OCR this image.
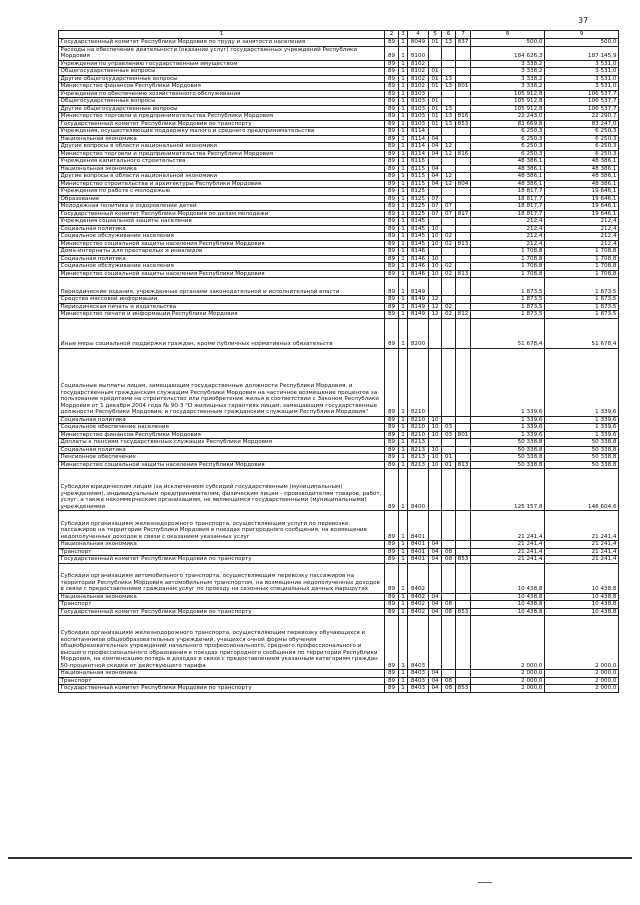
37
1	2	3	4	5	6	7	8	9
Государственный комитет Республики Мордовия по труду и занятости населения	89	1	8049	01	13	837	500,0	500,0
Расходы на обеспечение деятельности (оказание услуг) государственных учреждений Республики Мордовия	89	1	8100				184 626,3	187 145,9
Учреждения по управлению государственным имуществом	89	1	8102				3 338,2	3 531,0
Общегосударственные вопросы	89	1	8102	01			3 338,2	3 531,0
Другие общегосударственные вопросы	89	1	8102	01	13		3 338,2	3 531,0
Министерство финансов Республики Мордовия	89	1	8102	01	13	801	3 338,2	3 531,0
Учреждения по обеспечению хозяйственного обслуживания	89	1	8103				105 912,8	106 537,7
Общегосударственные вопросы	89	1	8103	01			105 912,8	106 537,7
Другие общегосударственные вопросы	89	1	8103	01	13		105 912,8	106 537,7
Министерство торговли и предпринимательства Республики Мордовия	89	1	8103	01	13	816	22 243,0	22 290,7
Государственный комитет Республики Мордовия по транспорту	89	1	8103	01	13	853	83 669,8	83 247,0
Учреждения, осуществляющие поддержку малого и среднего предпринимательства	89	1	8114				6 250,3	6 250,3
Национальная экономика	89	1	8114	04			6 250,3	6 250,3
Другие вопросы в области национальной экономики	89	1	8114	04	12		6 250,3	6 250,3
Министерство торговли и предпринимательства Республики Мордовия	89	1	8114	04	12	816	6 250,3	6 250,3
Учреждения капитального строительства	89	1	8115				48 386,1	48 386,1
Национальная экономика	89	1	8115	04			48 386,1	48 386,1
Другие вопросы в области национальной экономики	89	1	8115	04	12		48 386,1	48 386,1
Министерство строительства и архитектуры Республики Мордовия	89	1	8115	04	12	804	48 386,1	48 386,1
Учреждения по работе с молодежью	89	1	8125				18 817,7	19 646,1
Образование	89	1	8125	07			18 817,7	19 646,1
Молодежная политика и оздоровление детей	89	1	8125	07	07		18 817,7	19 646,1
Государственный комитет Республики Мордовия по делам молодежи	89	1	8125	07	07	817	18 817,7	19 646,1
Учреждения социальной защиты населения	89	1	8145				212,4	212,4
Социальная политика	89	1	8145	10			212,4	212,4
Социальное обслуживание населения	89	1	8145	10	02		212,4	212,4
Министерство социальной защиты населения Республики Мордовия	89	1	8145	10	02	813	212,4	212,4
Дома-интернаты для престарелых и инвалидов	89	1	8146				1 708,8	1 708,8
Социальная политика	89	1	8146	10			1 708,8	1 708,8
Социальное обслуживание населения	89	1	8146	10	02		1 708,8	1 708,8
Министерство социальной защиты населения Республики Мордовия	89	1	8146	10	02	813	1 708,8	1 708,8
Периодические издания, учрежденные органами законодательной и исполнительной власти	89	1	8149				1 873,5	1 873,5
Средства массовой информации	89	1	8149	12			1 873,5	1 873,5
Периодическая печать и издательства	89	1	8149	12	02		1 873,5	1 873,5
Министерство печати и информации Республики Мордовия	89	1	8149	12	02	812	1 873,5	1 873,5
Иные меры социальной поддержки граждан, кроме публичных нормативных обязательств	89	1	8200				51 678,4	51 678,4
Социальные выплаты лицам, замещающим государственные должности Республики Мордовия, и государственным гражданским служащим Республики Мордовия на частичное возмещение процентов за пользование кредитами на строительство или приобретение жилья в соответствии с Законом Республики Мордовия от 1 декабря 2004 года № 90-З "О жилищных гарантиях лицам, замещающим государственные должности Республики Мордовия, и государственным гражданским служащим Республики Мордовия"	89	1	8210				1 339,6	1 339,6
Социальная политика	89	1	8210	10			1 339,6	1 339,6
Социальное обеспечение населения	89	1	8210	10	03		1 339,6	1 339,6
Министерство финансов Республики Мордовия	89	1	8210	10	03	801	1 339,6	1 339,6
Доплаты к пенсиям государственных служащих Республики Мордовия	89	1	8213				50 338,8	50 338,8
Социальная политика	89	1	8213	10			50 338,8	50 338,8
Пенсионное обеспечение	89	1	8213	10	01		50 338,8	50 338,8
Министерство социальной защиты населения Республики Мордовия	89	1	8213	10	01	813	50 338,8	50 338,8
Субсидии юридическим лицам (за исключением субсидий государственным (муниципальным) учреждениям), индивидуальным предпринимателям, физическим лицам - производителям товаров, работ, услуг, а также некоммерческим организациям, не являющимся государственными (муниципальными) учреждениями	89	1	8400				125 157,8	146 604,6
Субсидии организациям железнодорожного транспорта, осуществляющим услуги по перевозке пассажиров на территории Республики Мордовия в поездах пригородного сообщения, на возмещение недополученных доходов в связи с оказанием указанных услуг	89	1	8401				21 241,4	21 241,4
Национальная экономика	89	1	8401	04			21 241,4	21 241,4
Транспорт	89	1	8401	04	08		21 241,4	21 241,4
Государственный комитет Республики Мордовия по транспорту	89	1	8401	04	08	853	21 241,4	21 241,4
Субсидии организациям автомобильного транспорта, осуществляющим перевозку пассажиров на территории Республики Мордовия автомобильным транспортом, на возмещение недополученных доходов в связи с предоставлением гражданам услуг по проезду на сезонных специальных дачных маршрутах	89	1	8402				10 438,8	10 438,8
Национальная экономика	89	1	8402	04			10 438,8	10 438,8
Транспорт	89	1	8402	04	08		10 438,8	10 438,8
Государственный комитет Республики Мордовия по транспорту	89	1	8402	04	08	853	10 438,8	10 438,8
Субсидии организациям железнодорожного транспорта, осуществляющим перевозку обучающихся и воспитанников общеобразовательных учреждений, учащихся очной формы обучения общеобразовательных учреждений начального профессионального, среднего профессионального и высшего профессионального образования в поездах пригородного сообщения по территории Республики Мордовия, на компенсацию потерь в доходах в связи с предоставлением указанным категориям граждан 50-процентной скидки от действующего тарифа	89	1	8403				2 000,0	2 000,0
Национальная экономика	89	1	8403	04			2 000,0	2 000,0
Транспорт	89	1	8403	04	08		2 000,0	2 000,0
Государственный комитет Республики Мордовия по транспорту	89	1	8403	04	08	853	2 000,0	2 000,0
